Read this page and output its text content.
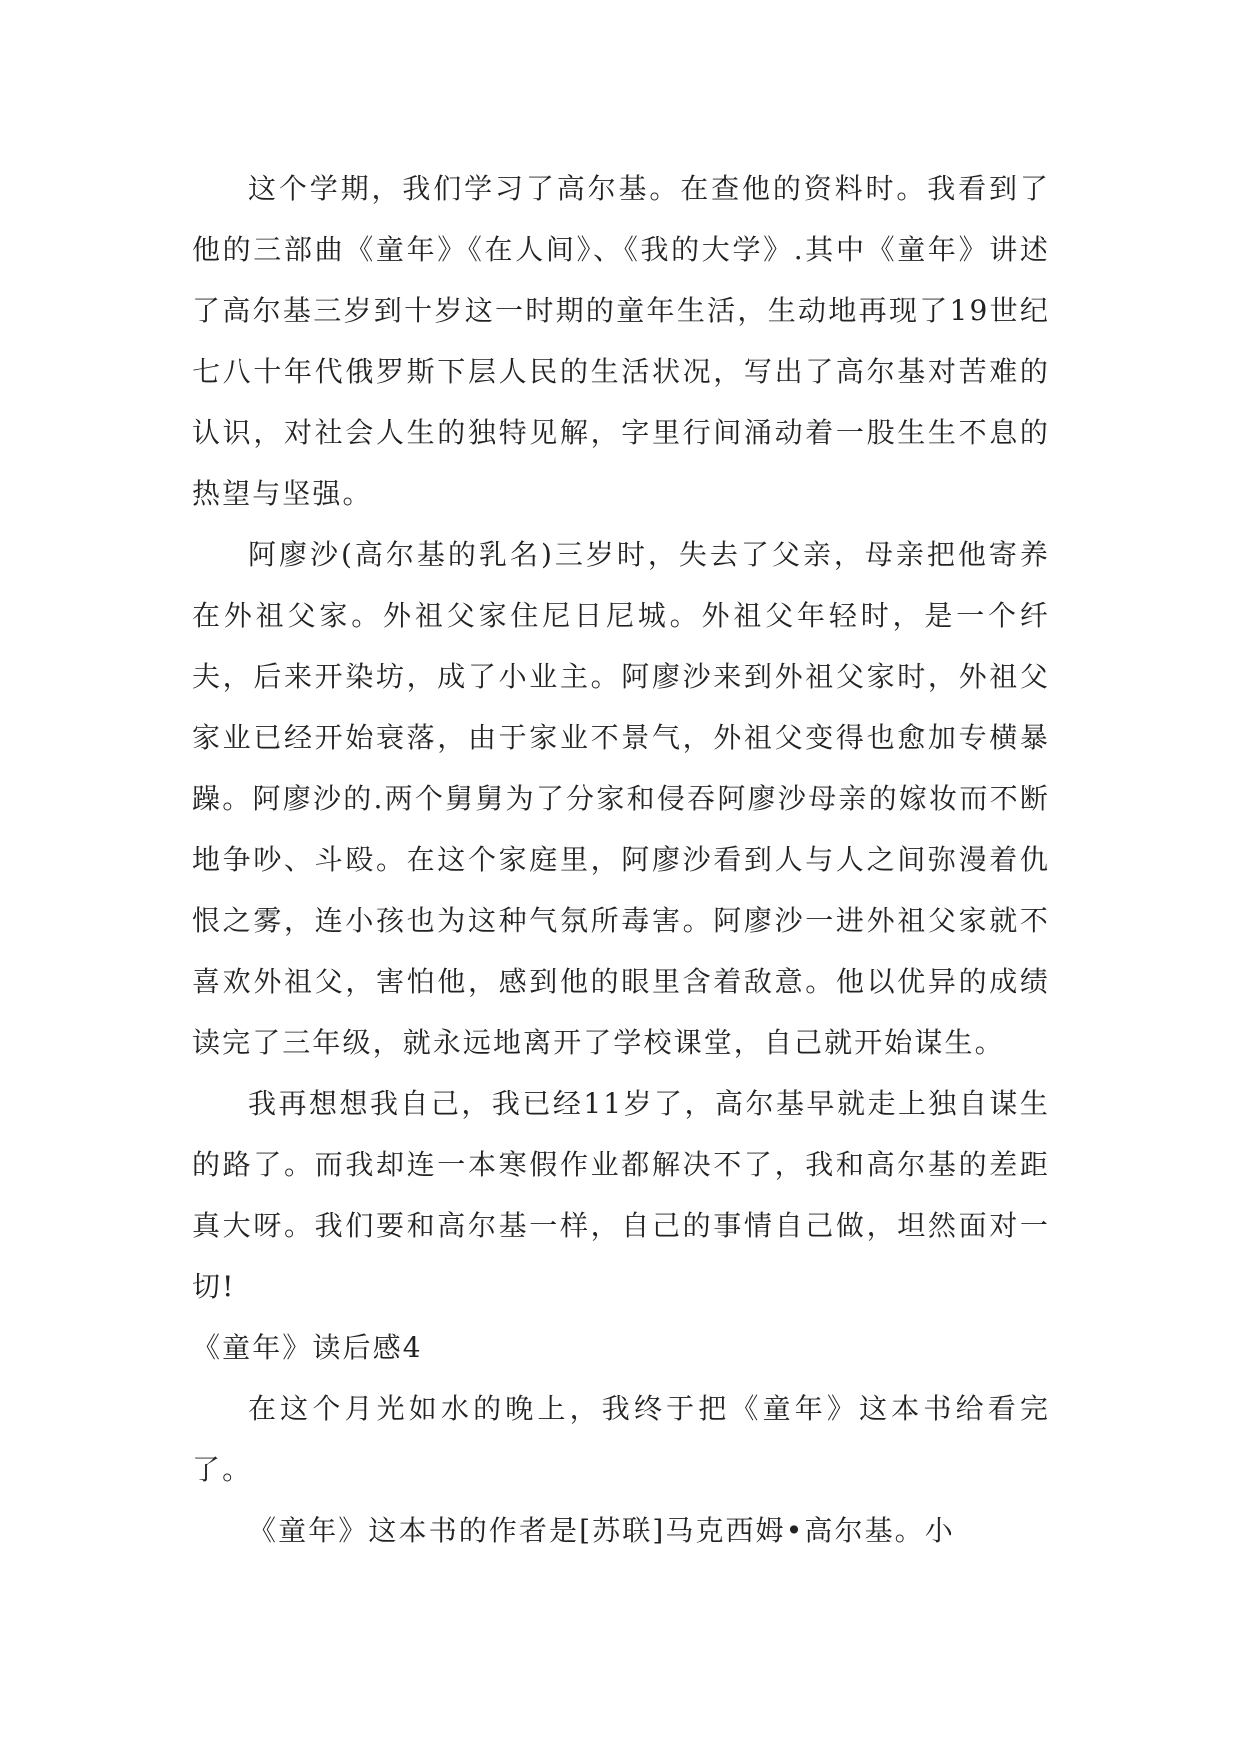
这个学期，我们学习了高尔基。在查他的资料时。我看到了他的三部曲《童年》《在人间》、《我的大学》.其中《童年》讲述了高尔基三岁到十岁这一时期的童年生活，生动地再现了19世纪七八十年代俄罗斯下层人民的生活状况，写出了高尔基对苦难的认识，对社会人生的独特见解，字里行间涌动着一股生生不息的热望与坚强。

阿廖沙(高尔基的乳名)三岁时，失去了父亲，母亲把他寄养在外祖父家。外祖父家住尼日尼城。外祖父年轻时，是一个纤夫，后来开染坊，成了小业主。阿廖沙来到外祖父家时，外祖父家业已经开始衰落，由于家业不景气，外祖父变得也愈加专横暴躁。阿廖沙的.两个舅舅为了分家和侵吞阿廖沙母亲的嫁妆而不断地争吵、斗殴。在这个家庭里，阿廖沙看到人与人之间弥漫着仇恨之雾，连小孩也为这种气氛所毒害。阿廖沙一进外祖父家就不喜欢外祖父，害怕他，感到他的眼里含着敌意。他以优异的成绩读完了三年级，就永远地离开了学校课堂，自己就开始谋生。

我再想想我自己，我已经11岁了，高尔基早就走上独自谋生的路了。而我却连一本寒假作业都解决不了，我和高尔基的差距真大呀。我们要和高尔基一样，自己的事情自己做，坦然面对一切!

《童年》读后感4

在这个月光如水的晚上，我终于把《童年》这本书给看完了。

《童年》这本书的作者是[苏联]马克西姆•高尔基。小
